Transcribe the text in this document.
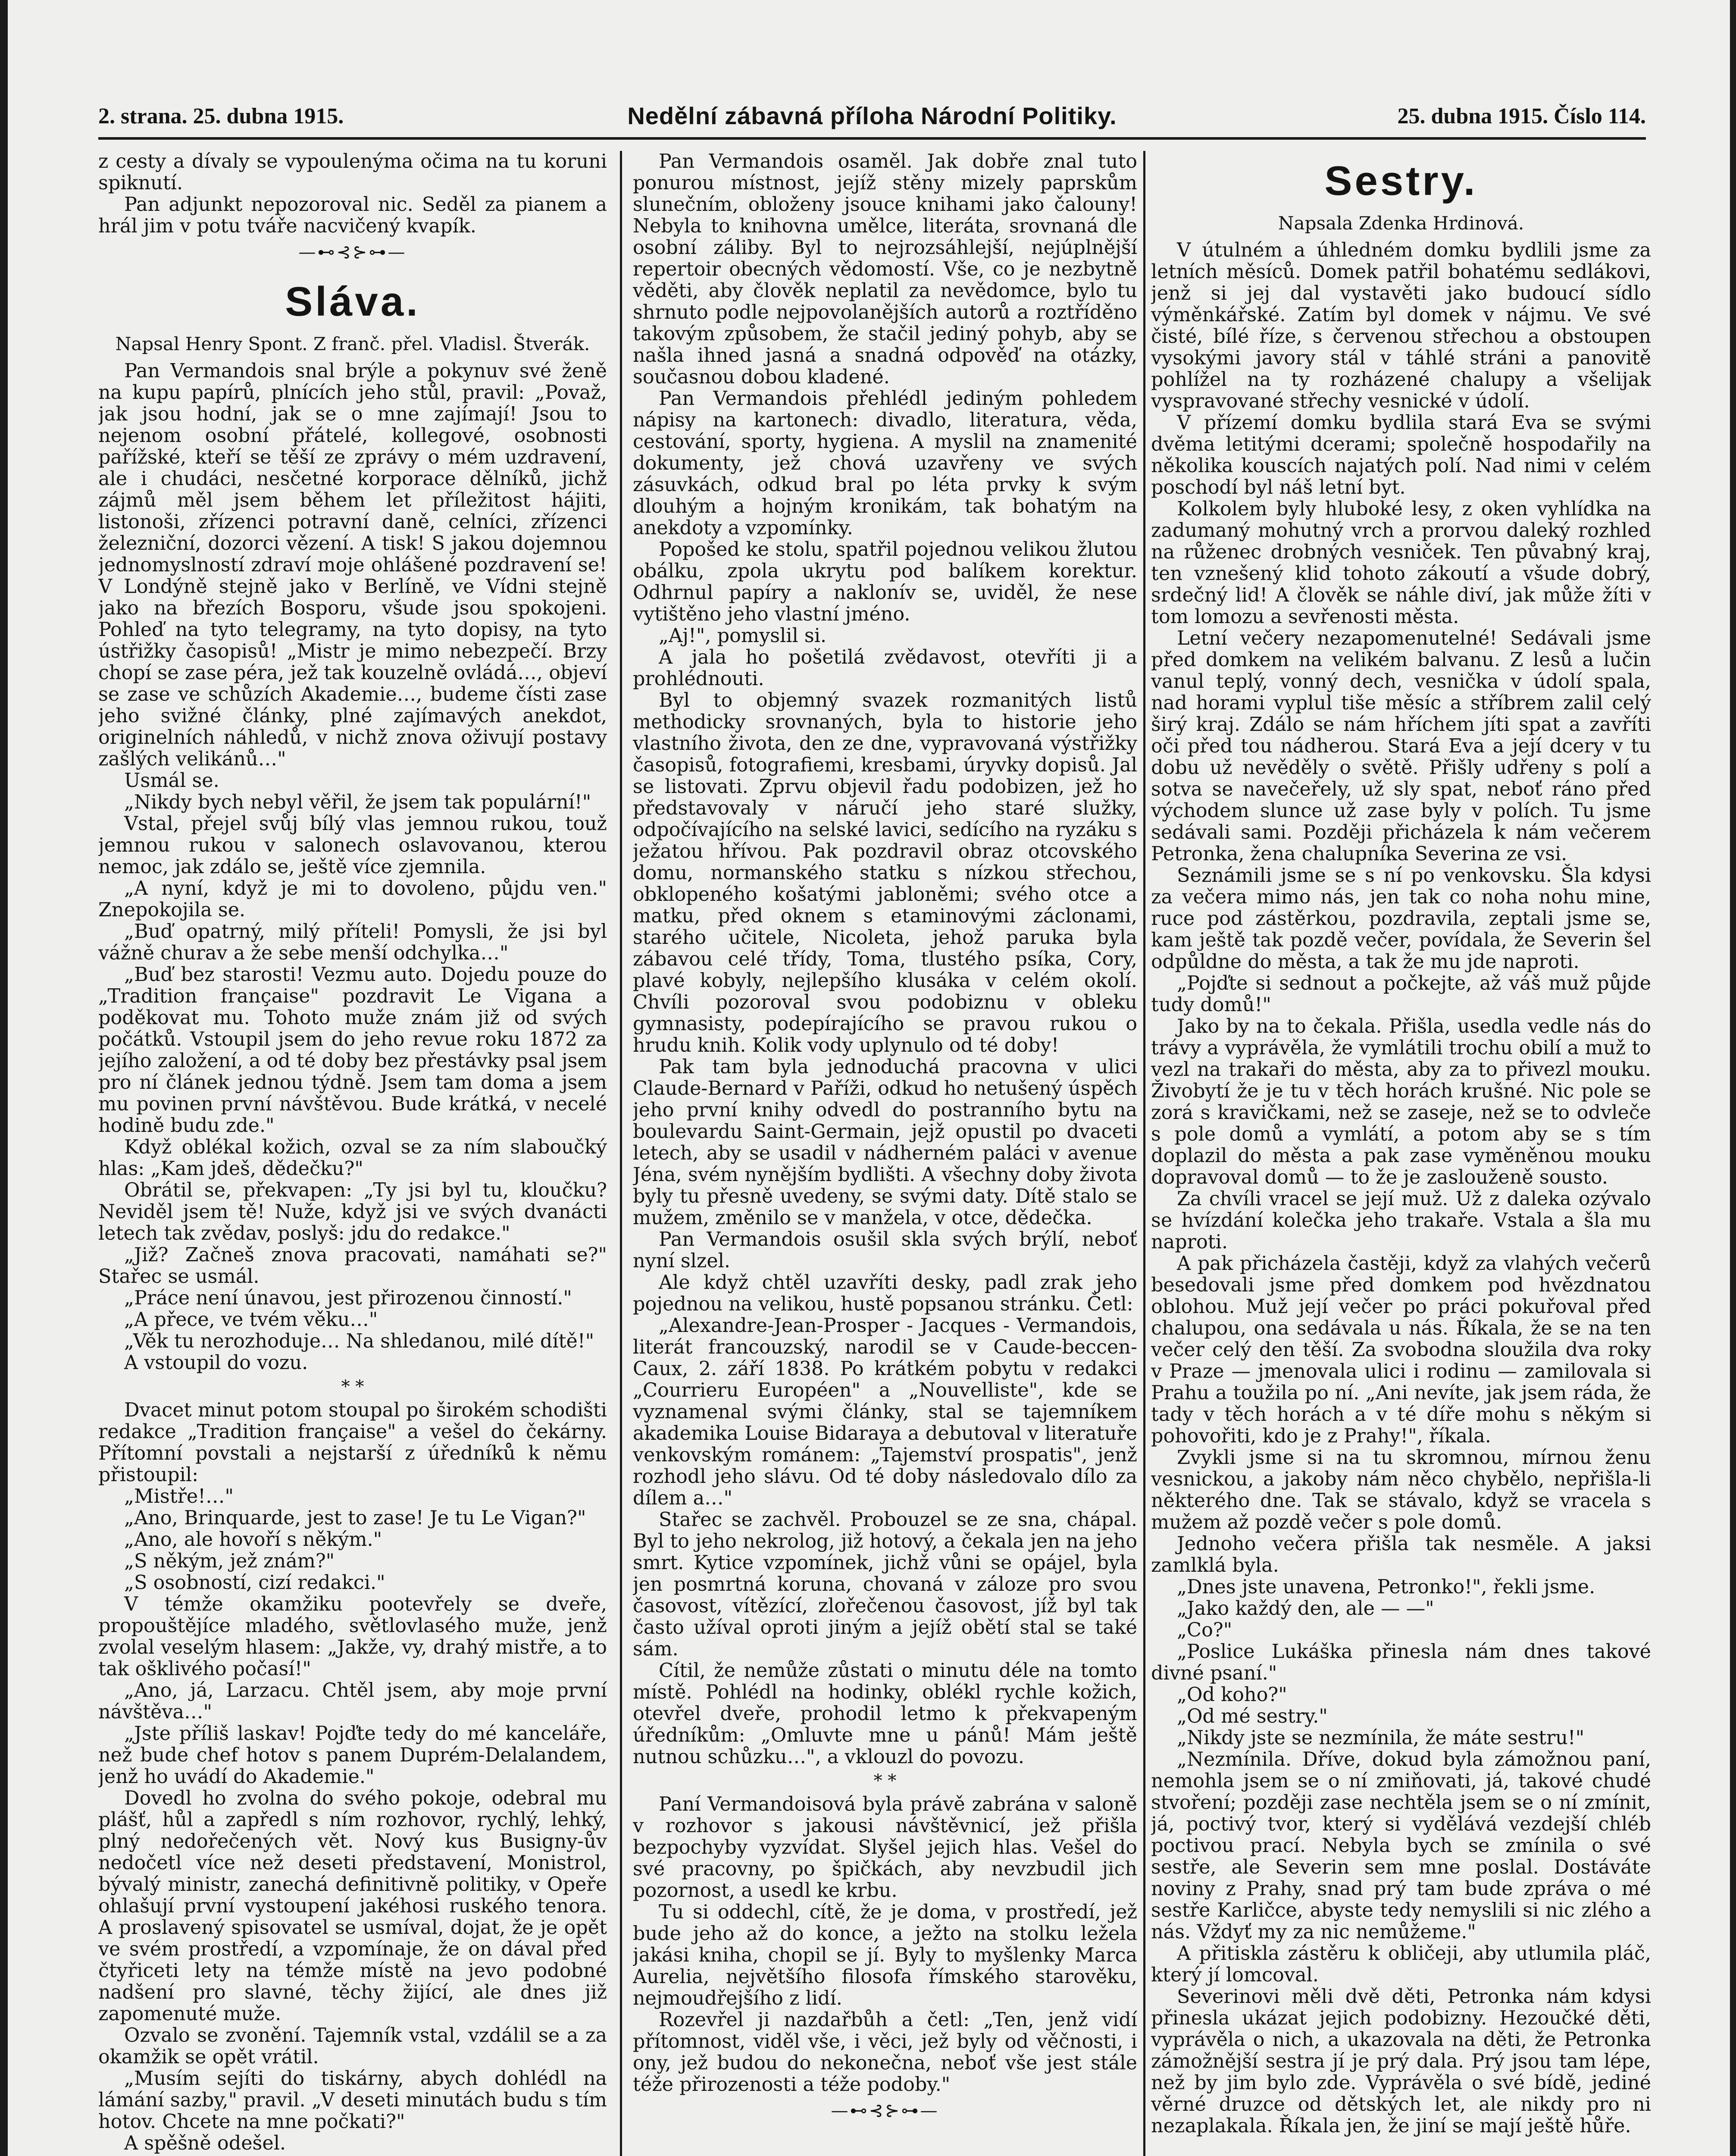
2. strana. 25. dubna 1915.	Nedělní zábavná příloha Národní Politiky.	25. dubna 1915. Číslo 114.

z cesty a dívaly se vypoulenýma očima na tu koruni spiknutí.

Pan adjunkt nepozoroval nic. Seděl za pianem a hrál jim v potu tváře nacvičený kvapík.

—⊷⊰⊱⊶—
Sláva.
Napsal Henry Spont. Z franč. přel. Vladisl. Štverák.

Pan Vermandois snal brýle a pokynuv své ženě na kupu papírů, plnících jeho stůl, pravil: „Považ, jak jsou hodní, jak se o mne zajímají! Jsou to nejenom osobní přátelé, kollegové, osobnosti pařížské, kteří se těší ze zprávy o mém uzdravení, ale i chudáci, nesčetné korporace dělníků, jichž zájmů měl jsem během let příležitost hájiti, listonoši, zřízenci potravní daně, celníci, zřízenci železniční, dozorci vězení. A tisk! S jakou dojemnou jednomyslností zdraví moje ohlášené pozdravení se! V Londýně stejně jako v Berlíně, ve Vídni stejně jako na březích Bosporu, všude jsou spokojeni. Pohleď na tyto telegramy, na tyto dopisy, na tyto ústřižky časopisů! „Mistr je mimo nebezpečí. Brzy chopí se zase péra, jež tak kouzelně ovládá…, objeví se zase ve schůzích Akademie…, budeme čísti zase jeho svižné články, plné zajímavých anekdot, originelních náhledů, v nichž znova oživují postavy zašlých velikánů…"

Usmál se.

„Nikdy bych nebyl věřil, že jsem tak populární!"

Vstal, přejel svůj bílý vlas jemnou rukou, touž jemnou rukou v salonech oslavovanou, kterou nemoc, jak zdálo se, ještě více zjemnila.

„A nyní, když je mi to dovoleno, půjdu ven." Znepokojila se.

„Buď opatrný, milý příteli! Pomysli, že jsi byl vážně churav a že sebe menší odchylka…"

„Buď bez starosti! Vezmu auto. Dojedu pouze do „Tradition française" pozdravit Le Vigana a poděkovat mu. Tohoto muže znám již od svých počátků. Vstoupil jsem do jeho revue roku 1872 za jejího založení, a od té doby bez přestávky psal jsem pro ní článek jednou týdně. Jsem tam doma a jsem mu povinen první návštěvou. Bude krátká, v necelé hodině budu zde."

Když oblékal kožich, ozval se za ním slaboučký hlas: „Kam jdeš, dědečku?"

Obrátil se, překvapen: „Ty jsi byl tu, kloučku? Neviděl jsem tě! Nuže, když jsi ve svých dvanácti letech tak zvědav, poslyš: jdu do redakce."

„Již? Začneš znova pracovati, namáhati se?" Stařec se usmál.

„Práce není únavou, jest přirozenou činností."

„A přece, ve tvém věku…"

„Věk tu nerozhoduje… Na shledanou, milé dítě!"

A vstoupil do vozu.

* *

Dvacet minut potom stoupal po širokém schodišti redakce „Tradition française" a vešel do čekárny. Přítomní povstali a nejstarší z úředníků k němu přistoupil:

„Mistře!…"

„Ano, Brinquarde, jest to zase! Je tu Le Vigan?"

„Ano, ale hovoří s někým."

„S někým, jež znám?"

„S osobností, cizí redakci."

V témže okamžiku pootevřely se dveře, propouštějíce mladého, světlovlasého muže, jenž zvolal veselým hlasem: „Jakže, vy, drahý mistře, a to tak ošklivého počasí!"

„Ano, já, Larzacu. Chtěl jsem, aby moje první návštěva…"

„Jste příliš laskav! Pojďte tedy do mé kanceláře, než bude chef hotov s panem Duprém-Delalandem, jenž ho uvádí do Akademie."

Dovedl ho zvolna do svého pokoje, odebral mu plášť, hůl a zapředl s ním rozhovor, rychlý, lehký, plný nedořečených vět. Nový kus Busigny-ův nedočetl více než deseti představení, Monistrol, bývalý ministr, zanechá definitivně politiky, v Opeře ohlašují první vystoupení jakéhosi ruského tenora. A proslavený spisovatel se usmíval, dojat, že je opět ve svém prostředí, a vzpomínaje, že on dával před čtyřiceti lety na témže místě na jevo podobné nadšení pro slavné, těchy žijící, ale dnes již zapomenuté muže.

Ozvalo se zvonění. Tajemník vstal, vzdálil se a za okamžik se opět vrátil.

„Musím sejíti do tiskárny, abych dohlédl na lámání sazby," pravil. „V deseti minutách budu s tím hotov. Chcete na mne počkati?"

A spěšně odešel.

Pan Vermandois osaměl. Jak dobře znal tuto ponurou místnost, jejíž stěny mizely paprskům slunečním, obloženy jsouce knihami jako čalouny! Nebyla to knihovna umělce, literáta, srovnaná dle osobní záliby. Byl to nejrozsáhlejší, nejúplnější repertoir obecných vědomostí. Vše, co je nezbytně věděti, aby člověk neplatil za nevědomce, bylo tu shrnuto podle nejpovolanějších autorů a roztříděno takovým způsobem, že stačil jediný pohyb, aby se našla ihned jasná a snadná odpověď na otázky, současnou dobou kladené.

Pan Vermandois přehlédl jediným pohledem nápisy na kartonech: divadlo, literatura, věda, cestování, sporty, hygiena. A myslil na znamenité dokumenty, jež chová uzavřeny ve svých zásuvkách, odkud bral po léta prvky k svým dlouhým a hojným kronikám, tak bohatým na anekdoty a vzpomínky.

Popošed ke stolu, spatřil pojednou velikou žlutou obálku, zpola ukrytu pod balíkem korektur. Odhrnul papíry a naklonív se, uviděl, že nese vytištěno jeho vlastní jméno.

„Aj!", pomyslil si.

A jala ho pošetilá zvědavost, otevříti ji a prohlédnouti.

Byl to objemný svazek rozmanitých listů methodicky srovnaných, byla to historie jeho vlastního života, den ze dne, vypravovaná výstřižky časopisů, fotografiemi, kresbami, úryvky dopisů. Jal se listovati. Zprvu objevil řadu podobizen, jež ho představovaly v náručí jeho staré služky, odpočívajícího na selské lavici, sedícího na ryzáku s ježatou hřívou. Pak pozdravil obraz otcovského domu, normanského statku s nízkou střechou, obklopeného košatými jabloněmi; svého otce a matku, před oknem s etaminovými záclonami, starého učitele, Nicoleta, jehož paruka byla zábavou celé třídy, Toma, tlustého psíka, Cory, plavé kobyly, nejlepšího klusáka v celém okolí. Chvíli pozoroval svou podobiznu v obleku gymnasisty, podepírajícího se pravou rukou o hrudu knih. Kolik vody uplynulo od té doby!

Pak tam byla jednoduchá pracovna v ulici Claude-Bernard v Paříži, odkud ho netušený úspěch jeho první knihy odvedl do postranního bytu na boulevardu Saint-Germain, jejž opustil po dvaceti letech, aby se usadil v nádherném paláci v avenue Jéna, svém nynějším bydlišti. A všechny doby života byly tu přesně uvedeny, se svými daty. Dítě stalo se mužem, změnilo se v manžela, v otce, dědečka.

Pan Vermandois osušil skla svých brýlí, neboť nyní slzel.

Ale když chtěl uzavříti desky, padl zrak jeho pojednou na velikou, hustě popsanou stránku. Četl:

„Alexandre-Jean-Prosper - Jacques - Vermandois, literát francouzský, narodil se v Caude-beccen-Caux, 2. září 1838. Po krátkém pobytu v redakci „Courrieru Européen" a „Nouvelliste", kde se vyznamenal svými články, stal se tajemníkem akademika Louise Bidaraya a debutoval v literatuře venkovským románem: „Tajemství prospatis", jenž rozhodl jeho slávu. Od té doby následovalo dílo za dílem a…"

Stařec se zachvěl. Probouzel se ze sna, chápal. Byl to jeho nekrolog, již hotový, a čekala jen na jeho smrt. Kytice vzpomínek, jichž vůni se opájel, byla jen posmrtná koruna, chovaná v záloze pro svou časovost, vítězící, zlořečenou časovost, jíž byl tak často užíval oproti jiným a jejíž obětí stal se také sám.

Cítil, že nemůže zůstati o minutu déle na tomto místě. Pohlédl na hodinky, oblékl rychle kožich, otevřel dveře, prohodil letmo k překvapeným úředníkům: „Omluvte mne u pánů! Mám ještě nutnou schůzku…", a vklouzl do povozu.

* *

Paní Vermandoisová byla právě zabrána v saloně v rozhovor s jakousi návštěvnicí, jež přišla bezpochyby vyzvídat. Slyšel jejich hlas. Vešel do své pracovny, po špičkách, aby nevzbudil jich pozornost, a usedl ke krbu.

Tu si oddechl, cítě, že je doma, v prostředí, jež bude jeho až do konce, a ježto na stolku ležela jakási kniha, chopil se jí. Byly to myšlenky Marca Aurelia, největšího filosofa římského starověku, nejmoudřejšího z lidí.

Rozevřel ji nazdařbůh a četl: „Ten, jenž vidí přítomnost, viděl vše, i věci, jež byly od věčnosti, i ony, jež budou do nekonečna, neboť vše jest stále téže přirozenosti a téže podoby."

—⊷⊰⊱⊶—
Sestry.
Napsala Zdenka Hrdinová.

V útulném a úhledném domku bydlili jsme za letních měsíců. Domek patřil bohatému sedlákovi, jenž si jej dal vystavěti jako budoucí sídlo výměnkářské. Zatím byl domek v nájmu. Ve své čisté, bílé říze, s červenou střechou a obstoupen vysokými javory stál v táhlé stráni a panovitě pohlížel na ty rozházené chalupy a všelijak vyspravované střechy vesnické v údolí.

V přízemí domku bydlila stará Eva se svými dvěma letitými dcerami; společně hospodařily na několika kouscích najatých polí. Nad nimi v celém poschodí byl náš letní byt.

Kolkolem byly hluboké lesy, z oken vyhlídka na zadumaný mohutný vrch a prorvou daleký rozhled na růženec drobných vesniček. Ten půvabný kraj, ten vznešený klid tohoto zákoutí a všude dobrý, srdečný lid! A člověk se náhle diví, jak může žíti v tom lomozu a sevřenosti města.

Letní večery nezapomenutelné! Sedávali jsme před domkem na velikém balvanu. Z lesů a lučin vanul teplý, vonný dech, vesnička v údolí spala, nad horami vyplul tiše měsíc a stříbrem zalil celý širý kraj. Zdálo se nám hříchem jíti spat a zavříti oči před tou nádherou. Stará Eva a její dcery v tu dobu už nevěděly o světě. Přišly udřeny s polí a sotva se navečeřely, už sly spat, neboť ráno před východem slunce už zase byly v polích. Tu jsme sedávali sami. Později přicházela k nám večerem Petronka, žena chalupníka Severina ze vsi.

Seznámili jsme se s ní po venkovsku. Šla kdysi za večera mimo nás, jen tak co noha nohu mine, ruce pod zástěrkou, pozdravila, zeptali jsme se, kam ještě tak pozdě večer, povídala, že Severin šel odpůldne do města, a tak že mu jde naproti.

„Pojďte si sednout a počkejte, až váš muž půjde tudy domů!"

Jako by na to čekala. Přišla, usedla vedle nás do trávy a vyprávěla, že vymlátili trochu obilí a muž to vezl na trakaři do města, aby za to přivezl mouku. Živobytí že je tu v těch horách krušné. Nic pole se zorá s kravičkami, než se zaseje, než se to odvleče s pole domů a vymlátí, a potom aby se s tím doplazil do města a pak zase vyměněnou mouku dopravoval domů — to že je zaslouženě sousto.

Za chvíli vracel se její muž. Už z daleka ozývalo se hvízdání kolečka jeho trakaře. Vstala a šla mu naproti.

A pak přicházela častěji, když za vlahých večerů besedovali jsme před domkem pod hvězdnatou oblohou. Muž její večer po práci pokuřoval před chalupou, ona sedávala u nás. Říkala, že se na ten večer celý den těší. Za svobodna sloužila dva roky v Praze — jmenovala ulici i rodinu — zamilovala si Prahu a toužila po ní. „Ani nevíte, jak jsem ráda, že tady v těch horách a v té díře mohu s někým si pohovořiti, kdo je z Prahy!", říkala.

Zvykli jsme si na tu skromnou, mírnou ženu vesnickou, a jakoby nám něco chybělo, nepřišla-li některého dne. Tak se stávalo, když se vracela s mužem až pozdě večer s pole domů.

Jednoho večera přišla tak nesměle. A jaksi zamlklá byla.

„Dnes jste unavena, Petronko!", řekli jsme.

„Jako každý den, ale — —"

„Co?"

„Poslice Lukáška přinesla nám dnes takové divné psaní."

„Od koho?"

„Od mé sestry."

„Nikdy jste se nezmínila, že máte sestru!"

„Nezmínila. Dříve, dokud byla zámožnou paní, nemohla jsem se o ní zmiňovati, já, takové chudé stvoření; později zase nechtěla jsem se o ní zmínit, já, poctivý tvor, který si vydělává vezdejší chléb poctivou prací. Nebyla bych se zmínila o své sestře, ale Severin sem mne poslal. Dostáváte noviny z Prahy, snad prý tam bude zpráva o mé sestře Karličce, abyste tedy nemyslili si nic zlého a nás. Vždyť my za nic nemůžeme."

A přitiskla zástěru k obličeji, aby utlumila pláč, který jí lomcoval.

Severinovi měli dvě děti, Petronka nám kdysi přinesla ukázat jejich podobizny. Hezoučké děti, vyprávěla o nich, a ukazovala na děti, že Petronka zámožnější sestra jí je prý dala. Prý jsou tam lépe, než by jim bylo zde. Vyprávěla o své bídě, jediné věrné druzce od dětských let, ale nikdy pro ni nezaplakala. Říkala jen, že jiní se mají ještě hůře.
